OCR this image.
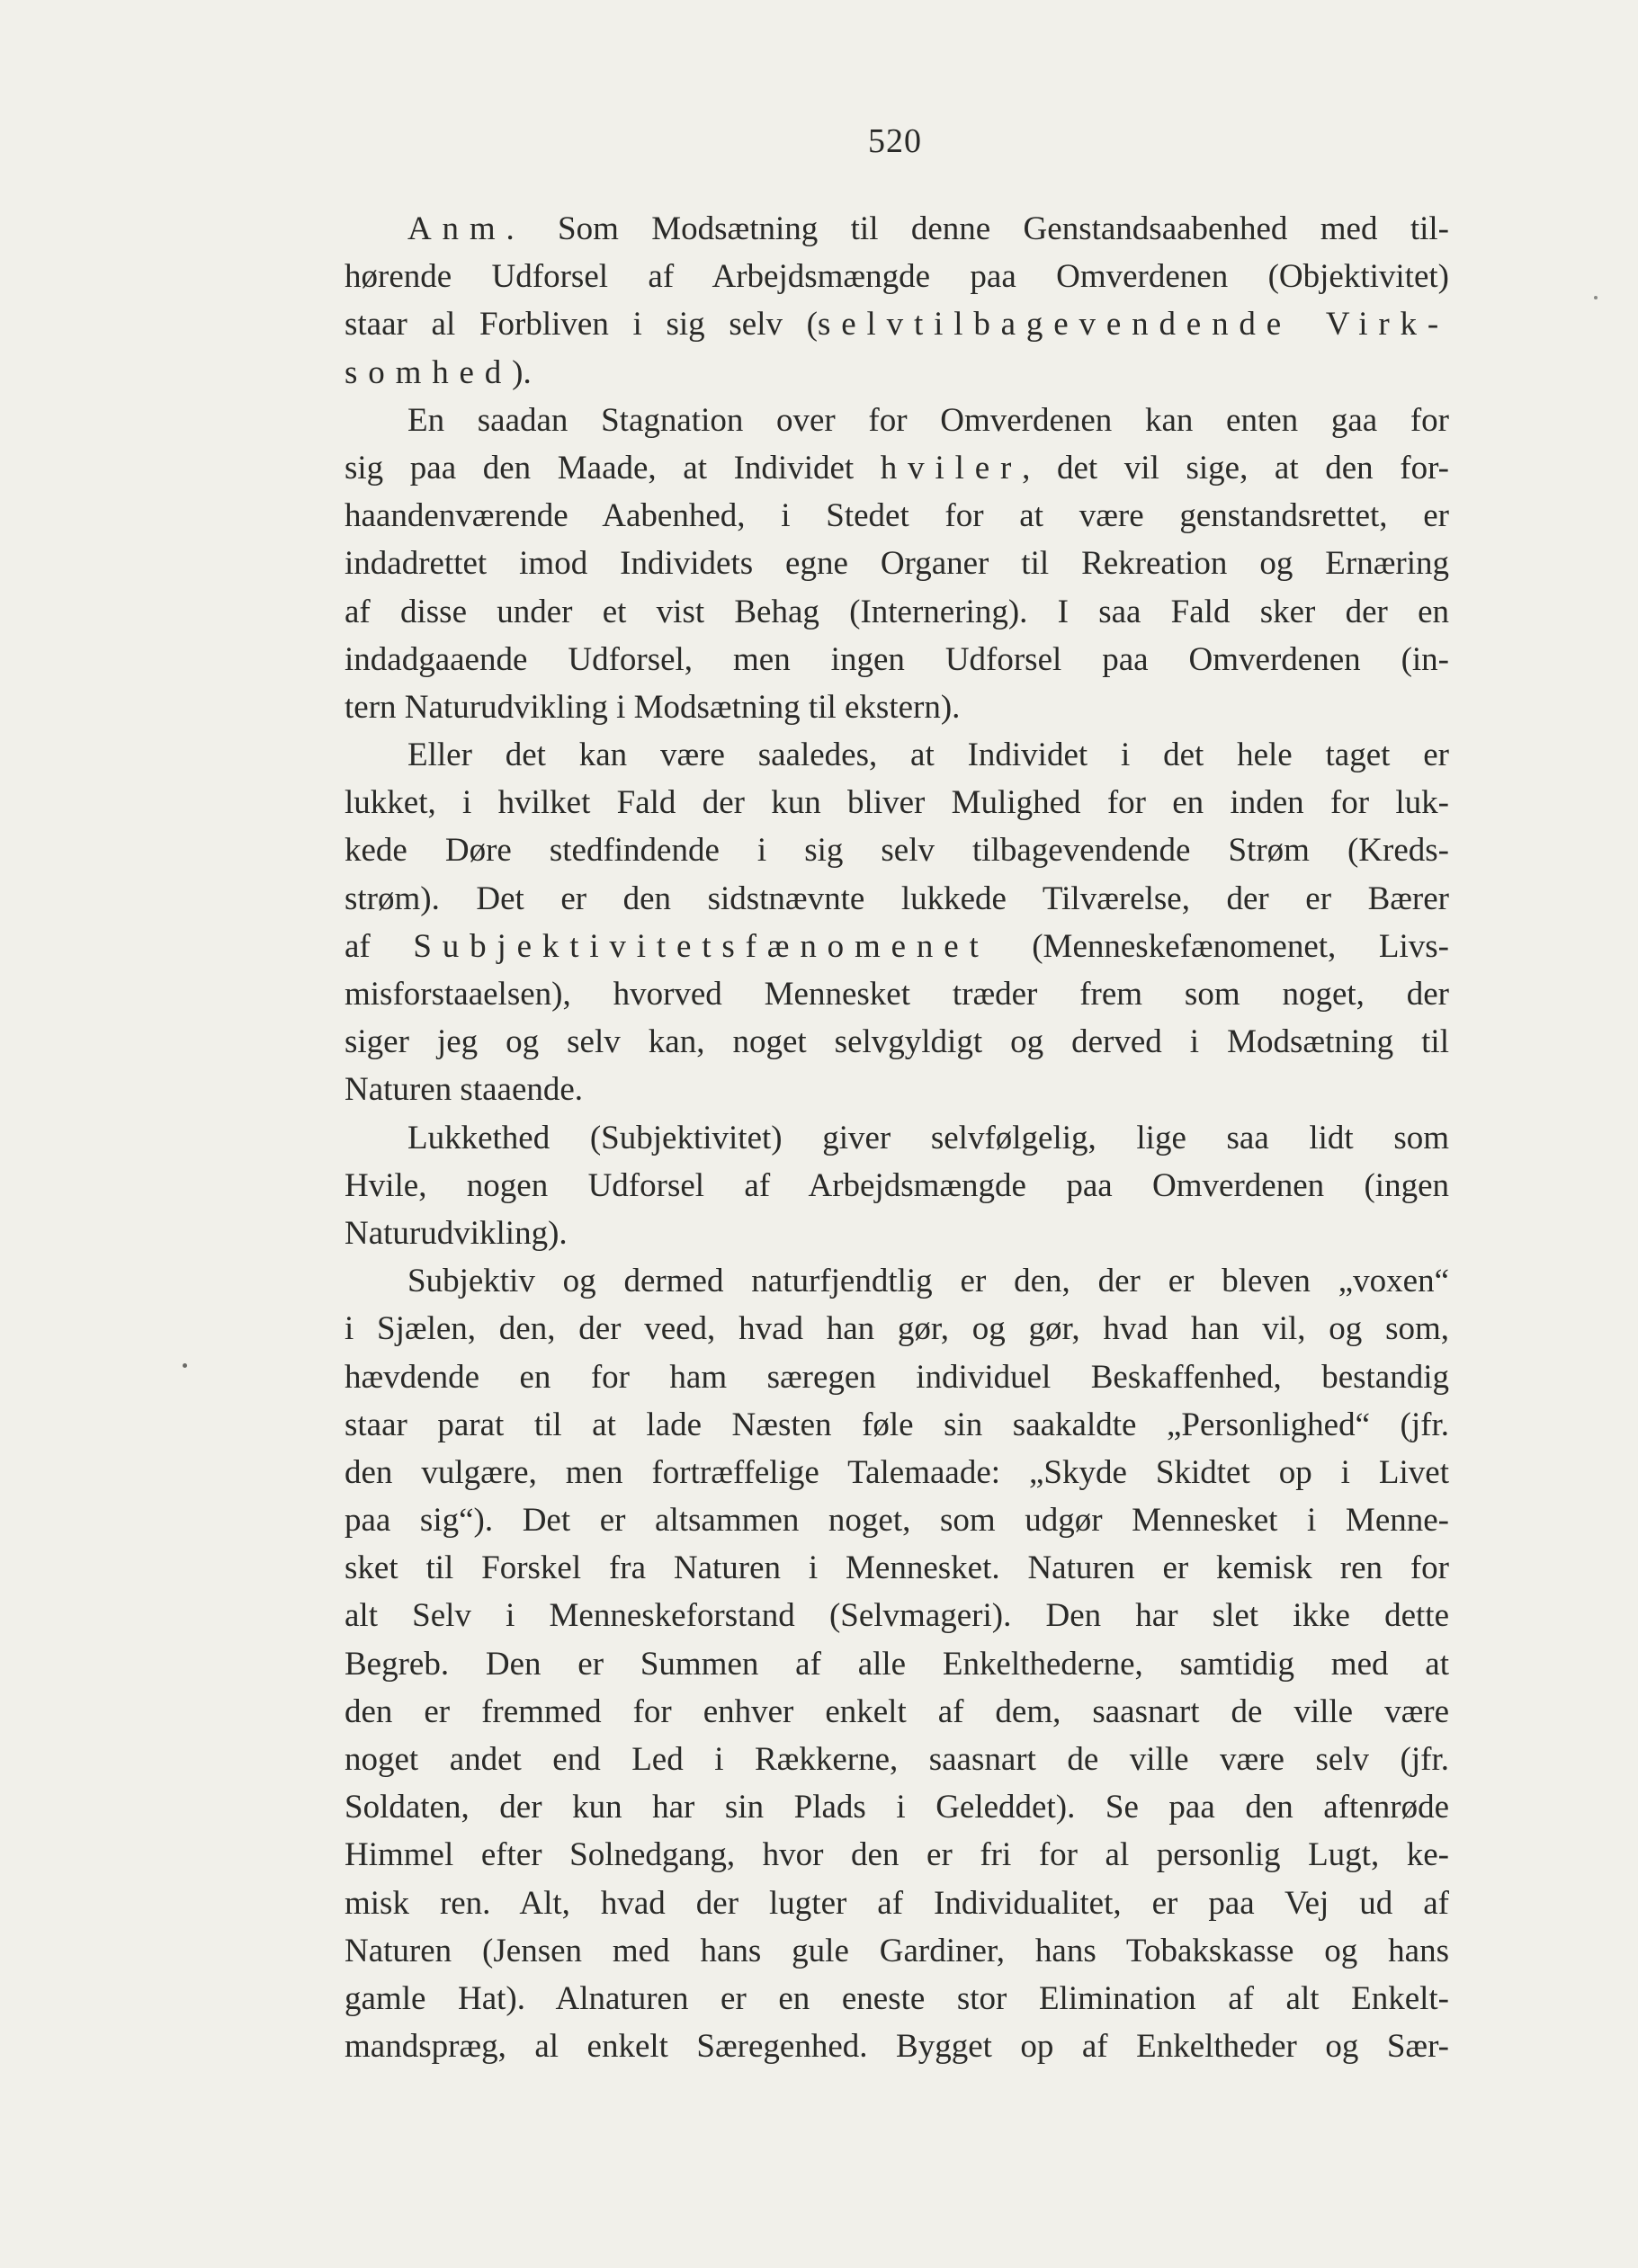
520
Anm. Som Modsætning til denne Genstandsaabenhed med til-
hørende Udforsel af Arbejdsmængde paa Omverdenen (Objektivitet)
staar al Forbliven i sig selv (selvtilbagevendende Virk-
somhed).
En saadan Stagnation over for Omverdenen kan enten gaa for
sig paa den Maade, at Individet hviler, det vil sige, at den for-
haandenværende Aabenhed, i Stedet for at være genstandsrettet, er
indadrettet imod Individets egne Organer til Rekreation og Ernæring
af disse under et vist Behag (Internering). I saa Fald sker der en
indadgaaende Udforsel, men ingen Udforsel paa Omverdenen (in-
tern Naturudvikling i Modsætning til ekstern).
Eller det kan være saaledes, at Individet i det hele taget er
lukket, i hvilket Fald der kun bliver Mulighed for en inden for luk-
kede Døre stedfindende i sig selv tilbagevendende Strøm (Kreds-
strøm). Det er den sidstnævnte lukkede Tilværelse, der er Bærer
af Subjektivitetsfænomenet (Menneskefænomenet, Livs-
misforstaaelsen), hvorved Mennesket træder frem som noget, der
siger jeg og selv kan, noget selvgyldigt og derved i Modsætning til
Naturen staaende.
Lukkethed (Subjektivitet) giver selvfølgelig, lige saa lidt som
Hvile, nogen Udforsel af Arbejdsmængde paa Omverdenen (ingen
Naturudvikling).
Subjektiv og dermed naturfjendtlig er den, der er bleven „voxen“
i Sjælen, den, der veed, hvad han gør, og gør, hvad han vil, og som,
hævdende en for ham særegen individuel Beskaffenhed, bestandig
staar parat til at lade Næsten føle sin saakaldte „Personlighed“ (jfr.
den vulgære, men fortræffelige Talemaade: „Skyde Skidtet op i Livet
paa sig“). Det er altsammen noget, som udgør Mennesket i Menne-
sket til Forskel fra Naturen i Mennesket. Naturen er kemisk ren for
alt Selv i Menneskeforstand (Selvmageri). Den har slet ikke dette
Begreb. Den er Summen af alle Enkelthederne, samtidig med at
den er fremmed for enhver enkelt af dem, saasnart de ville være
noget andet end Led i Rækkerne, saasnart de ville være selv (jfr.
Soldaten, der kun har sin Plads i Geleddet). Se paa den aftenrøde
Himmel efter Solnedgang, hvor den er fri for al personlig Lugt, ke-
misk ren. Alt, hvad der lugter af Individualitet, er paa Vej ud af
Naturen (Jensen med hans gule Gardiner, hans Tobakskasse og hans
gamle Hat). Alnaturen er en eneste stor Elimination af alt Enkelt-
mandspræg, al enkelt Særegenhed. Bygget op af Enkeltheder og Sær-
